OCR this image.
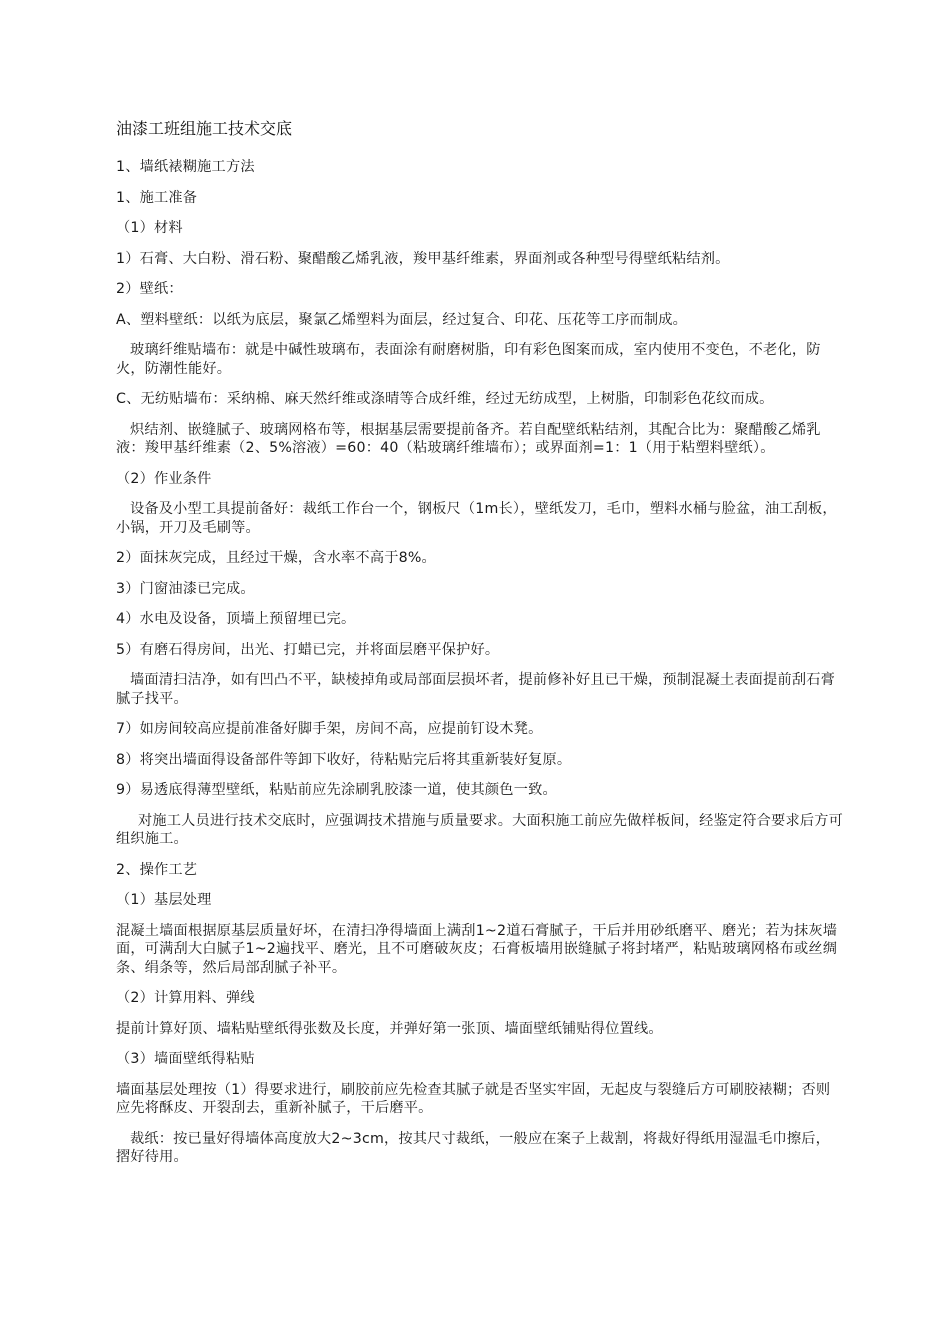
油漆工班组施工技术交底

1、墙纸裱糊施工方法

1、施工准备

（1）材料

1）石膏、大白粉、滑石粉、聚醋酸乙烯乳液，羧甲基纤维素，界面剂或各种型号得壁纸粘结剂。

2）壁纸：

A、塑料壁纸：以纸为底层，聚氯乙烯塑料为面层，经过复合、印花、压花等工序而制成。

玻璃纤维贴墙布：就是中碱性玻璃布，表面涂有耐磨树脂，印有彩色图案而成，室内使用不变色，不老化，防火，防潮性能好。

C、无纺贴墙布：采纳棉、麻天然纤维或涤晴等合成纤维，经过无纺成型，上树脂，印制彩色花纹而成。

炽结剂、嵌缝腻子、玻璃网格布等，根据基层需要提前备齐。若自配壁纸粘结剂，其配合比为：聚醋酸乙烯乳液：羧甲基纤维素（2、5%溶液）=60：40（粘玻璃纤维墙布）；或界面剂=1：1（用于粘塑料壁纸）。

（2）作业条件

设备及小型工具提前备好：裁纸工作台一个，钢板尺（1m长），壁纸发刀，毛巾，塑料水桶与脸盆，油工刮板，小锅，开刀及毛刷等。

2）面抹灰完成，且经过干燥，含水率不高于8%。

3）门窗油漆已完成。

4）水电及设备，顶墙上预留埋已完。

5）有磨石得房间，出光、打蜡已完，并将面层磨平保护好。

墙面清扫洁净，如有凹凸不平，缺棱掉角或局部面层损坏者，提前修补好且已干燥，预制混凝土表面提前刮石膏腻子找平。

7）如房间较高应提前准备好脚手架，房间不高，应提前钉设木凳。

8）将突出墙面得设备部件等卸下收好，待粘贴完后将其重新装好复原。

9）易透底得薄型壁纸，粘贴前应先涂刷乳胶漆一道，使其颜色一致。

对施工人员进行技术交底时，应强调技术措施与质量要求。大面积施工前应先做样板间，经鉴定符合要求后方可组织施工。

2、操作工艺

（1）基层处理

混凝土墙面根据原基层质量好坏，在清扫净得墙面上满刮1~2道石膏腻子，干后并用砂纸磨平、磨光；若为抹灰墙面，可满刮大白腻子1~2遍找平、磨光，且不可磨破灰皮；石膏板墙用嵌缝腻子将封堵严，粘贴玻璃网格布或丝绸条、绢条等，然后局部刮腻子补平。

（2）计算用料、弹线

提前计算好顶、墙粘贴壁纸得张数及长度，并弹好第一张顶、墙面壁纸铺贴得位置线。

（3）墙面壁纸得粘贴

墙面基层处理按（1）得要求进行，刷胶前应先检查其腻子就是否坚实牢固，无起皮与裂缝后方可刷胶裱糊；否则应先将酥皮、开裂刮去，重新补腻子，干后磨平。

裁纸：按已量好得墙体高度放大2~3cm，按其尺寸裁纸，一般应在案子上裁割，将裁好得纸用湿温毛巾擦后，摺好待用。
